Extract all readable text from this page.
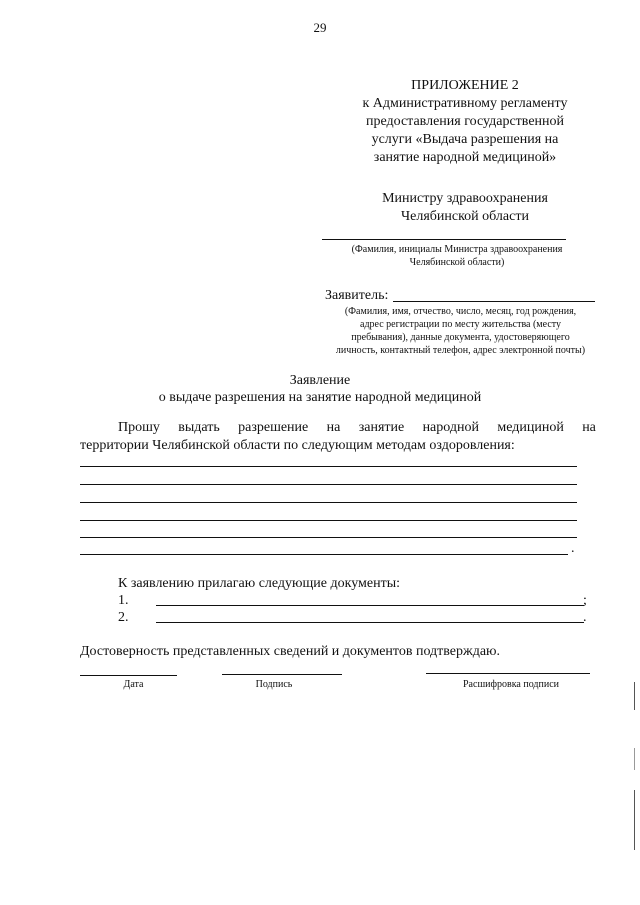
29
ПРИЛОЖЕНИЕ 2
к Административному регламенту
предоставления государственной
услуги «Выдача разрешения на
занятие народной медициной»
Министру здравоохранения
Челябинской области
(Фамилия, инициалы Министра здравоохранения
Челябинской области)
Заявитель:
(Фамилия, имя, отчество, число, месяц, год рождения,
адрес регистрации по месту жительства (месту
пребывания), данные документа, удостоверяющего
личность, контактный телефон, адрес электронной почты)
Заявление
о выдаче разрешения на занятие народной медициной
Прошу выдать разрешение на занятие народной медициной на
территории Челябинской области по следующим методам оздоровления:
.
К заявлению прилагаю следующие документы:
1.	;
2.	.
Достоверность представленных сведений и документов подтверждаю.
Дата	Подпись	Расшифровка подписи
